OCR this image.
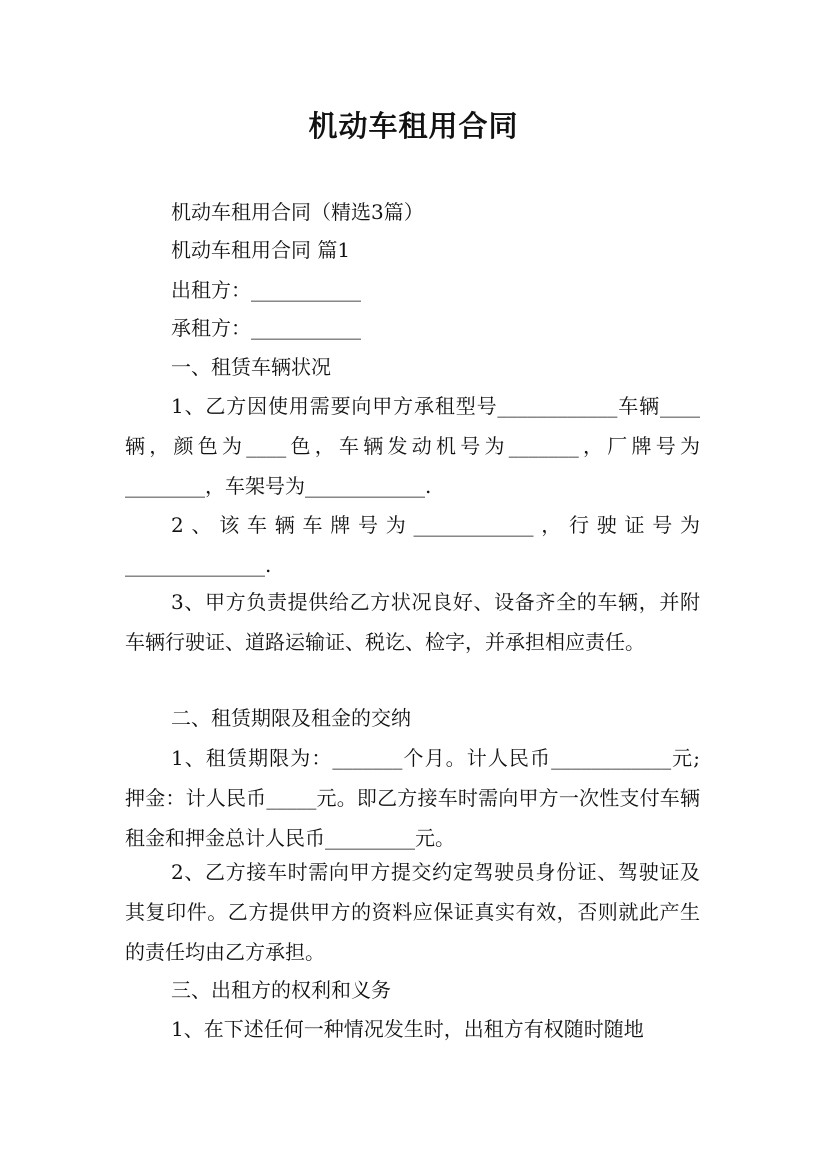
机动车租用合同

机动车租用合同（精选3篇）

机动车租用合同 篇1

出租方：___________

承租方：___________

一、租赁车辆状况

1、乙方因使用需要向甲方承租型号____________车辆____辆，颜色为____色，车辆发动机号为_______，厂牌号为________，车架号为____________.

2、该车辆车牌号为____________，行驶证号为______________.

3、甲方负责提供给乙方状况良好、设备齐全的车辆，并附车辆行驶证、道路运输证、税讫、检字，并承担相应责任。

二、租赁期限及租金的交纳

1、租赁期限为：_______个月。计人民币____________元;押金：计人民币_____元。即乙方接车时需向甲方一次性支付车辆租金和押金总计人民币_________元。

2、乙方接车时需向甲方提交约定驾驶员身份证、驾驶证及其复印件。乙方提供甲方的资料应保证真实有效，否则就此产生的责任均由乙方承担。

三、出租方的权利和义务

1、在下述任何一种情况发生时，出租方有权随时随地
